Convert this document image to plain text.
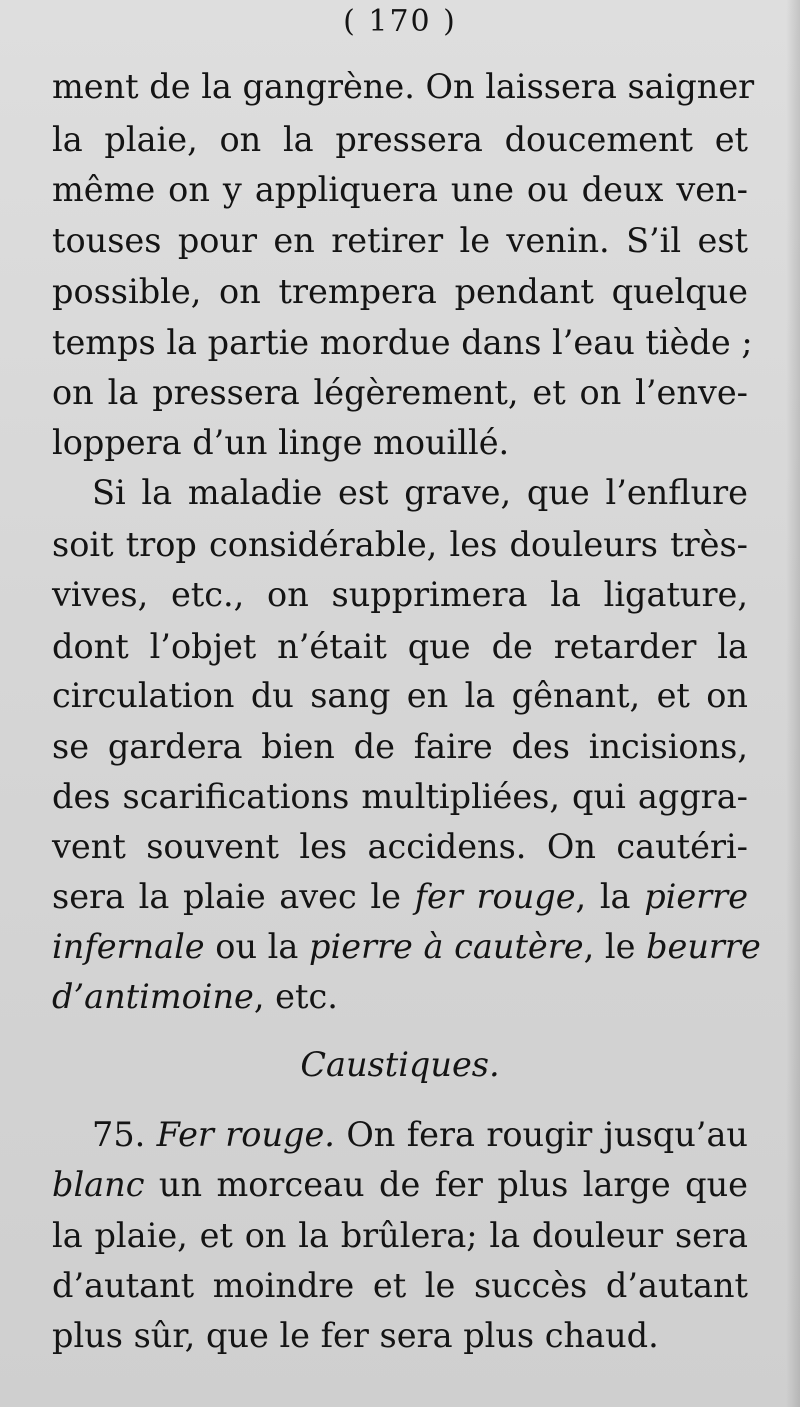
( 170 )
ment de la gangrène. On laissera saigner
la plaie, on la pressera doucement et
même on y appliquera une ou deux ven-
touses pour en retirer le venin. S’il est
possible, on trempera pendant quelque
temps la partie mordue dans l’eau tiède ;
on la pressera légèrement, et on l’enve-
loppera d’un linge mouillé.
Si la maladie est grave, que l’enflure
soit trop considérable, les douleurs très-
vives, etc., on supprimera la ligature,
dont l’objet n’était que de retarder la
circulation du sang en la gênant, et on
se gardera bien de faire des incisions,
des scarifications multipliées, qui aggra-
vent souvent les accidens. On cautéri-
sera la plaie avec le fer rouge, la pierre
infernale ou la pierre à cautère, le beurre
d’antimoine, etc.
Caustiques.
75. Fer rouge. On fera rougir jusqu’au
blanc un morceau de fer plus large que
la plaie, et on la brûlera; la douleur sera
d’autant moindre et le succès d’autant
plus sûr, que le fer sera plus chaud.
